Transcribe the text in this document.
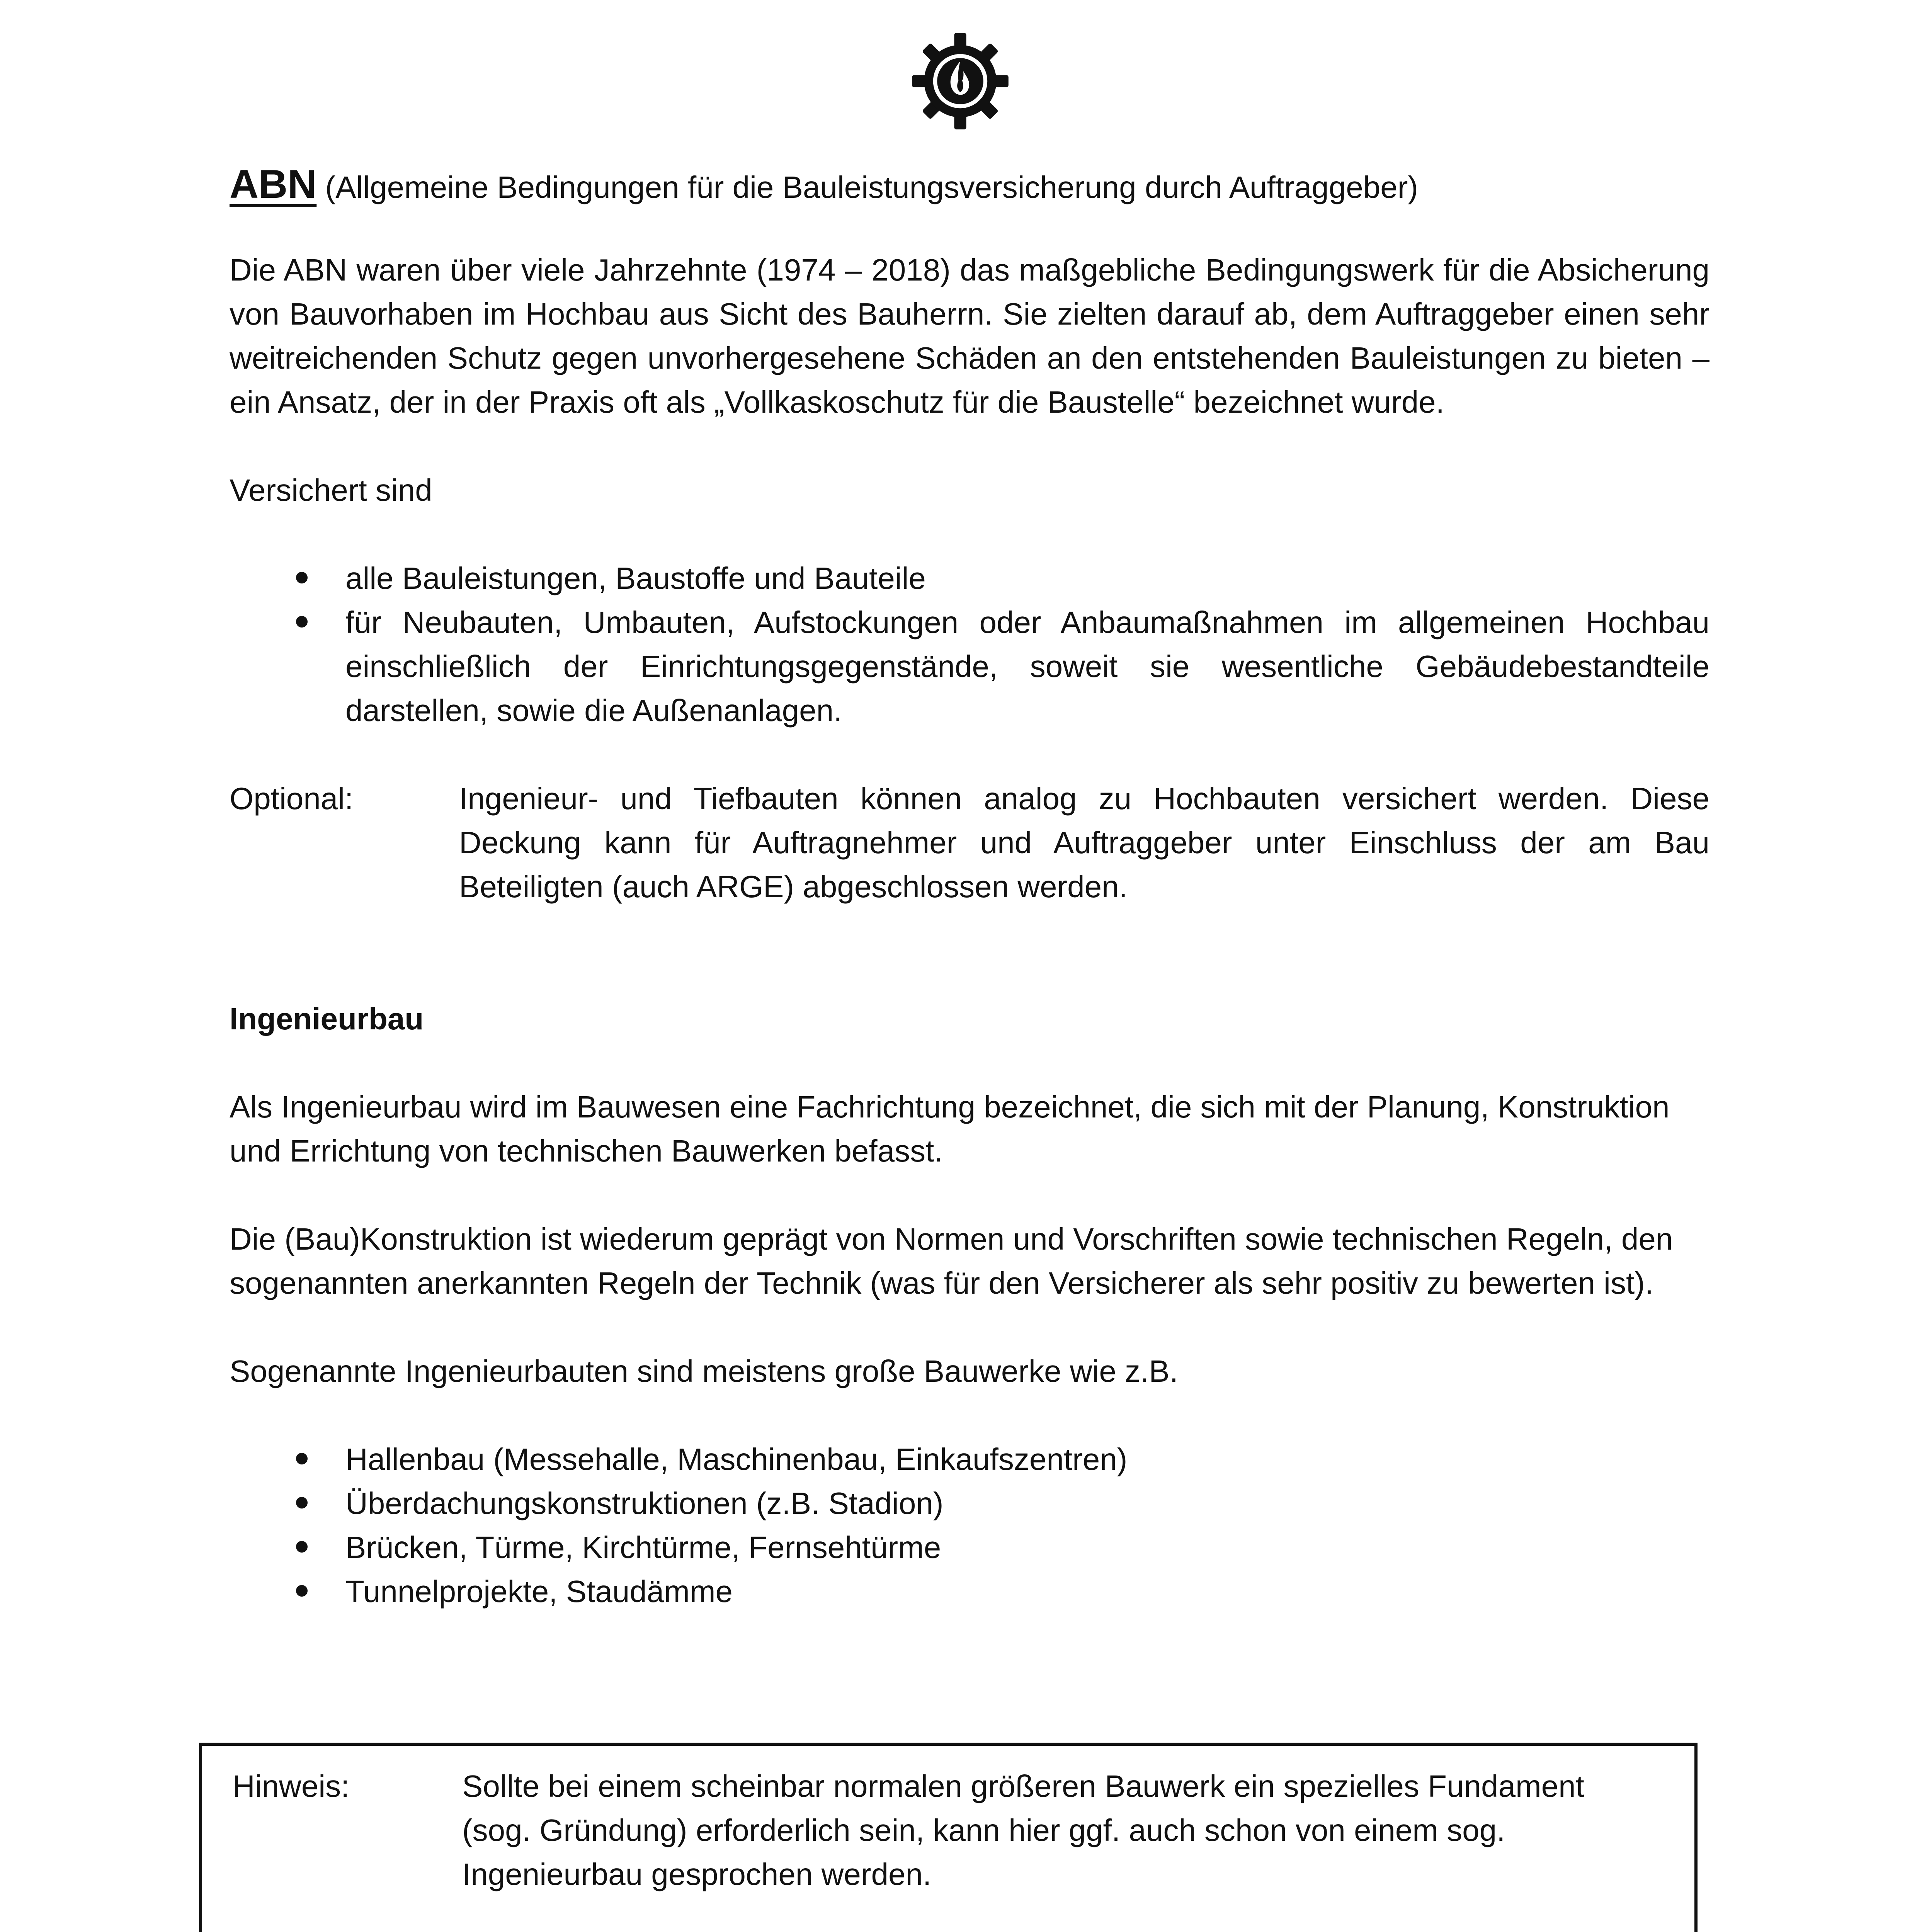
ABN (Allgemeine Bedingungen für die Bauleistungsversicherung durch Auftraggeber)

Die ABN waren über viele Jahrzehnte (1974 – 2018) das maßgebliche Bedingungswerk für die Absicherung von Bauvorhaben im Hochbau aus Sicht des Bauherrn. Sie zielten darauf ab, dem Auftraggeber einen sehr weitreichenden Schutz gegen unvorhergesehene Schäden an den entstehenden Bauleistungen zu bieten – ein Ansatz, der in der Praxis oft als „Vollkaskoschutz für die Baustelle“ bezeichnet wurde.

Versichert sind

alle Bauleistungen, Baustoffe und Bauteile
für Neubauten, Umbauten, Aufstockungen oder Anbaumaßnahmen im allgemeinen Hochbau einschließlich der Einrichtungsgegenstände, soweit sie wesentliche Gebäudebestandteile darstellen, sowie die Außenanlagen.
Optional:	Ingenieur- und Tiefbauten können analog zu Hochbauten versichert werden. Diese Deckung kann für Auftragnehmer und Auftraggeber unter Einschluss der am Bau Beteiligten (auch ARGE) abgeschlossen werden.

Ingenieurbau

Als Ingenieurbau wird im Bauwesen eine Fachrichtung bezeichnet, die sich mit der Planung, Konstruktion und Errichtung von technischen Bauwerken befasst.

Die (Bau)Konstruktion ist wiederum geprägt von Normen und Vorschriften sowie technischen Regeln, den sogenannten anerkannten Regeln der Technik (was für den Versicherer als sehr positiv zu bewerten ist).

Sogenannte Ingenieurbauten sind meistens große Bauwerke wie z.B.

Hallenbau (Messehalle, Maschinenbau, Einkaufszentren)
Überdachungskonstruktionen (z.B. Stadion)
Brücken, Türme, Kirchtürme, Fernsehtürme
Tunnelprojekte, Staudämme
Hinweis:	Sollte bei einem scheinbar normalen größeren Bauwerk ein spezielles Fundament (sog. Gründung) erforderlich sein, kann hier ggf. auch schon von einem sog. Ingenieurbau gesprochen werden.
